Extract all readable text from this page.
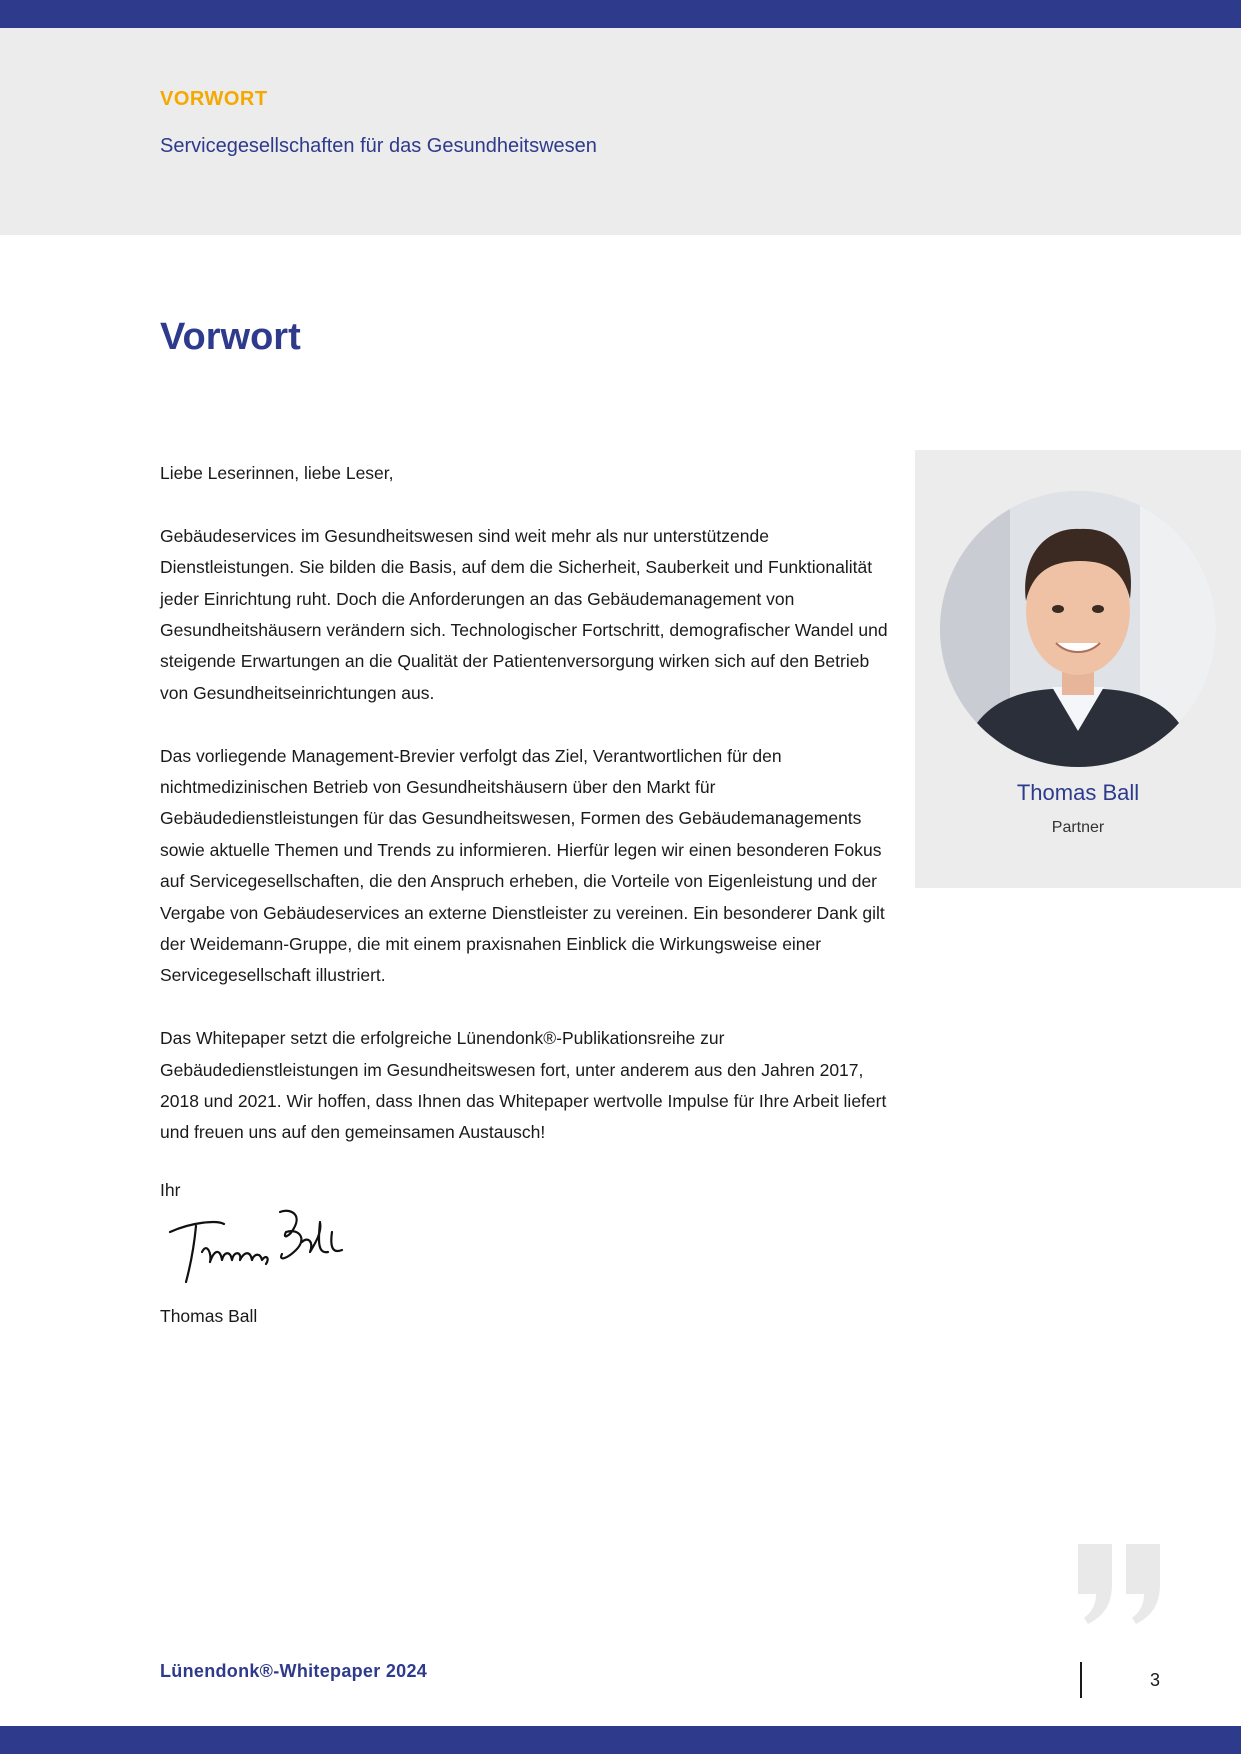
VORWORT
Servicegesellschaften für das Gesundheitswesen
Vorwort

Liebe Leserinnen, liebe Leser,

Gebäudeservices im Gesundheitswesen sind weit mehr als nur unterstützende Dienstleistungen. Sie bilden die Basis, auf dem die Sicherheit, Sauberkeit und Funktionalität jeder Einrichtung ruht. Doch die Anforderungen an das Gebäudemanagement von Gesundheitshäusern verändern sich. Technologischer Fortschritt, demografischer Wandel und steigende Erwartungen an die Qualität der Patientenversorgung wirken sich auf den Betrieb von Gesundheitseinrichtungen aus.

Das vorliegende Management-Brevier verfolgt das Ziel, Verantwortlichen für den nichtmedizinischen Betrieb von Gesundheitshäusern über den Markt für Gebäudedienstleistungen für das Gesundheitswesen, Formen des Gebäudemanagements sowie aktuelle Themen und Trends zu informieren. Hierfür legen wir einen besonderen Fokus auf Servicegesellschaften, die den Anspruch erheben, die Vorteile von Eigenleistung und der Vergabe von Gebäudeservices an externe Dienstleister zu vereinen. Ein besonderer Dank gilt der Weidemann-Gruppe, die mit einem praxisnahen Einblick die Wirkungsweise einer Servicegesellschaft illustriert.

Das Whitepaper setzt die erfolgreiche Lünendonk®-Publikationsreihe zur Gebäudedienstleistungen im Gesundheitswesen fort, unter anderem aus den Jahren 2017, 2018 und 2021. Wir hoffen, dass Ihnen das Whitepaper wertvolle Impulse für Ihre Arbeit liefert und freuen uns auf den gemeinsamen Austausch!

Ihr
Thomas Ball
Thomas Ball
Partner
Lünendonk®-Whitepaper 2024	3
